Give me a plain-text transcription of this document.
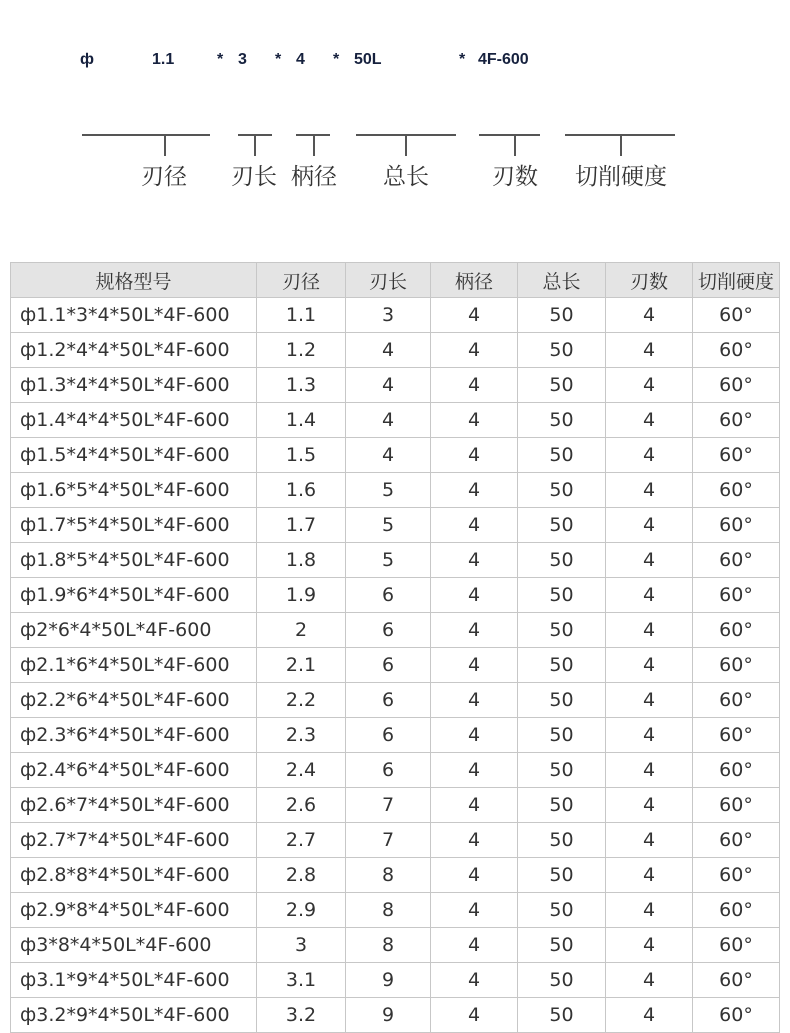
ф	1.1	* 3 * 4 * 50L	* 4F-600
刃径 刃长 柄径 总长	刃数 切削硬度
规格型号	刃径	刃长	柄径	总长	刃数	切削硬度
ф1.1*3*4*50L*4F-600	1.1	3	4	50	4	60°
ф1.2*4*4*50L*4F-600	1.2	4	4	50	4	60°
ф1.3*4*4*50L*4F-600	1.3	4	4	50	4	60°
ф1.4*4*4*50L*4F-600	1.4	4	4	50	4	60°
ф1.5*4*4*50L*4F-600	1.5	4	4	50	4	60°
ф1.6*5*4*50L*4F-600	1.6	5	4	50	4	60°
ф1.7*5*4*50L*4F-600	1.7	5	4	50	4	60°
ф1.8*5*4*50L*4F-600	1.8	5	4	50	4	60°
ф1.9*6*4*50L*4F-600	1.9	6	4	50	4	60°
ф2*6*4*50L*4F-600	2	6	4	50	4	60°
ф2.1*6*4*50L*4F-600	2.1	6	4	50	4	60°
ф2.2*6*4*50L*4F-600	2.2	6	4	50	4	60°
ф2.3*6*4*50L*4F-600	2.3	6	4	50	4	60°
ф2.4*6*4*50L*4F-600	2.4	6	4	50	4	60°
ф2.6*7*4*50L*4F-600	2.6	7	4	50	4	60°
ф2.7*7*4*50L*4F-600	2.7	7	4	50	4	60°
ф2.8*8*4*50L*4F-600	2.8	8	4	50	4	60°
ф2.9*8*4*50L*4F-600	2.9	8	4	50	4	60°
ф3*8*4*50L*4F-600	3	8	4	50	4	60°
ф3.1*9*4*50L*4F-600	3.1	9	4	50	4	60°
ф3.2*9*4*50L*4F-600	3.2	9	4	50	4	60°
